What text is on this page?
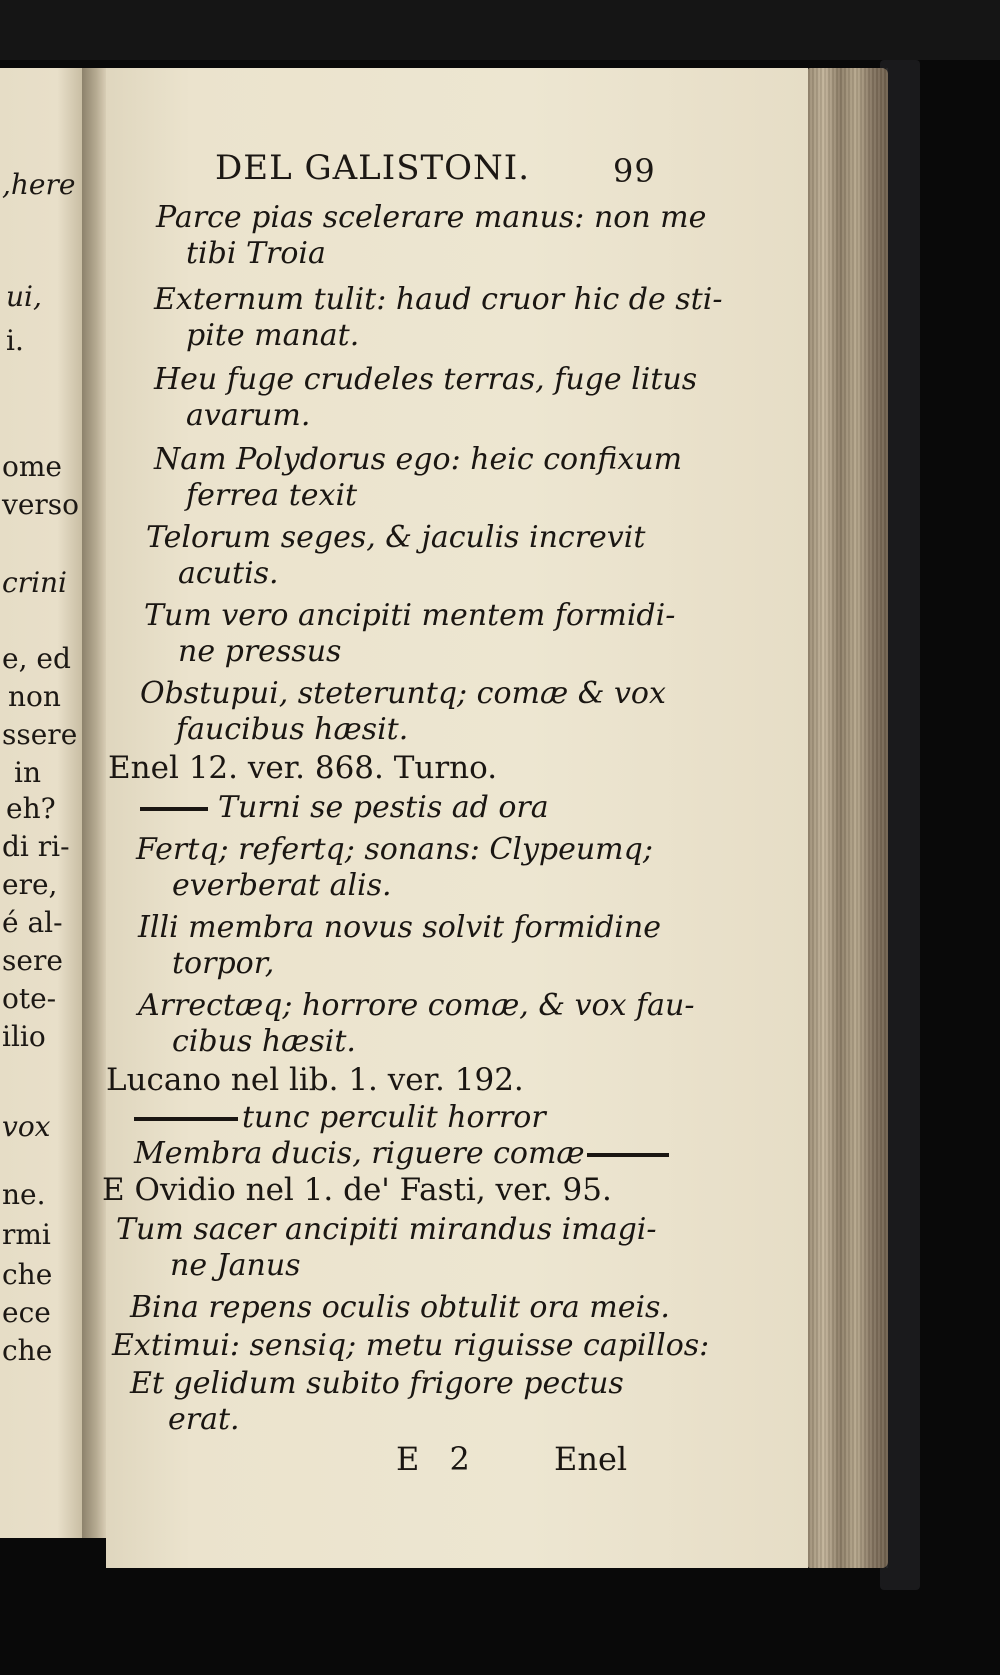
,here
ui,
i.
ome
verso
crini
e, ed
non
ssere
in
eh?
di ri-
ere,
é al-
sere
ote-
ilio
vox
ne.
rmi
che
ece
che
DEL GALISTONI.	99
Parce pias scelerare manus: non me
tibi Troia
Externum tulit: haud cruor hic de sti-
pite manat.
Heu fuge crudeles terras, fuge litus
avarum.
Nam Polydorus ego: heic confixum
ferrea texit
Telorum seges, & jaculis increvit
acutis.
Tum vero ancipiti mentem formidi-
ne pressus
Obstupui, steteruntq; comæ & vox
faucibus hæsit.
Enel 12. ver. 868. Turno.
Turni se pestis ad ora
Fertq; refertq; sonans: Clypeumq;
everberat alis.
Illi membra novus solvit formidine
torpor,
Arrectæq; horrore comæ, & vox fau-
cibus hæsit.
Lucano nel lib. 1. ver. 192.
tunc perculit horror
Membra ducis, riguere comæ
E Ovidio nel 1. de' Fasti, ver. 95.
Tum sacer ancipiti mirandus imagi-
ne Janus
Bina repens oculis obtulit ora meis.
Extimui: sensiq; metu riguisse capillos:
Et gelidum subito frigore pectus
erat.
E 2 Enel
